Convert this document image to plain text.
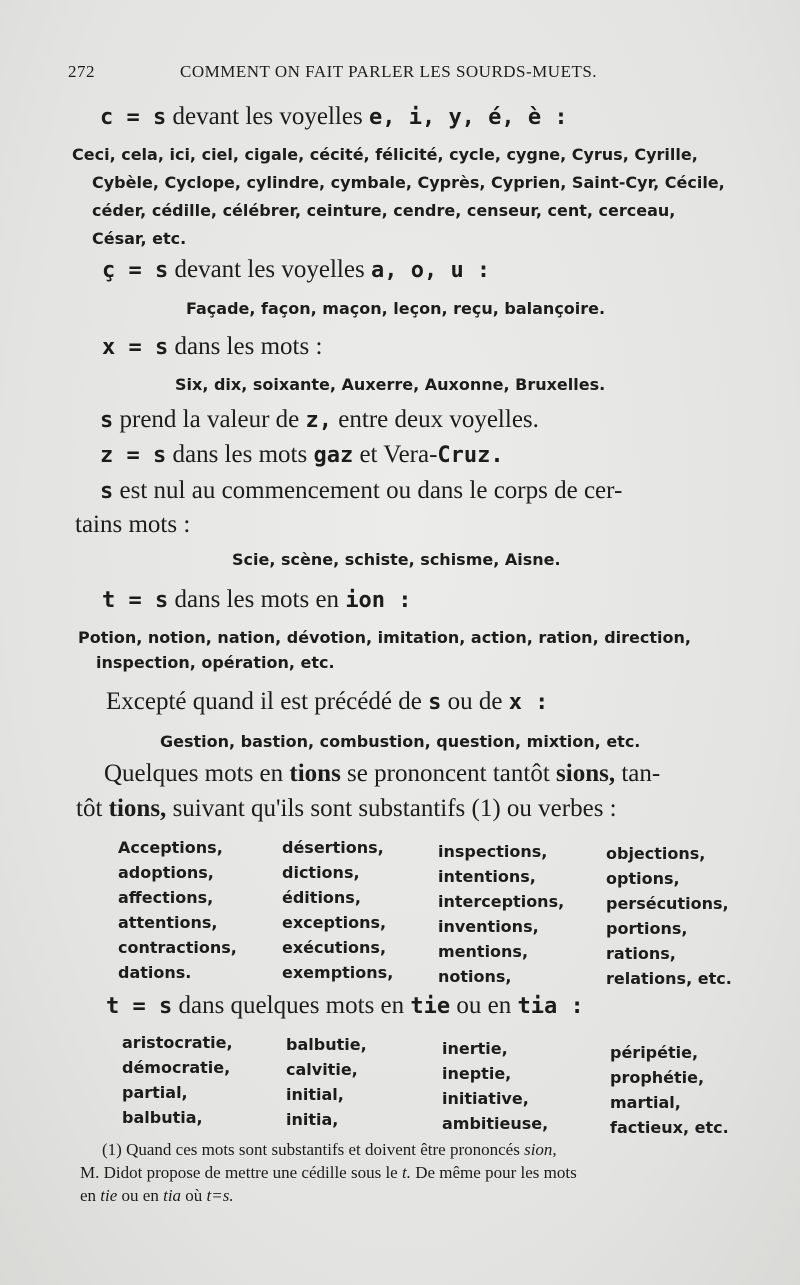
272	COMMENT ON FAIT PARLER LES SOURDS-MUETS.
c = s devant les voyelles e, i, y, é, è :
Ceci, cela, ici, ciel, cigale, cécité, félicité, cycle, cygne, Cyrus, Cyrille,
Cybèle, Cyclope, cylindre, cymbale, Cyprès, Cyprien, Saint-Cyr, Cécile,
céder, cédille, célébrer, ceinture, cendre, censeur, cent, cerceau,
César, etc.
ç = s devant les voyelles a, o, u :
Façade, façon, maçon, leçon, reçu, balançoire.
x = s dans les mots :
Six, dix, soixante, Auxerre, Auxonne, Bruxelles.
s prend la valeur de z, entre deux voyelles.
z = s dans les mots gaz et Vera-Cruz.
s est nul au commencement ou dans le corps de cer-
tains mots :
Scie, scène, schiste, schisme, Aisne.
t = s dans les mots en ion :
Potion, notion, nation, dévotion, imitation, action, ration, direction,
inspection, opération, etc.
Excepté quand il est précédé de s ou de x :
Gestion, bastion, combustion, question, mixtion, etc.
Quelques mots en tions se prononcent tantôt sions, tan-
tôt tions, suivant qu'ils sont substantifs (1) ou verbes :
Acceptions,
adoptions,
affections,
attentions,
contractions,
dations.
désertions,
dictions,
éditions,
exceptions,
exécutions,
exemptions,
inspections,
intentions,
interceptions,
inventions,
mentions,
notions,
objections,
options,
persécutions,
portions,
rations,
relations, etc.
t = s dans quelques mots en tie ou en tia :
aristocratie,
démocratie,
partial,
balbutia,
balbutie,
calvitie,
initial,
initia,
inertie,
ineptie,
initiative,
ambitieuse,
péripétie,
prophétie,
martial,
factieux, etc.
(1) Quand ces mots sont substantifs et doivent être prononcés sion,
M. Didot propose de mettre une cédille sous le t. De même pour les mots
en tie ou en tia où t=s.
